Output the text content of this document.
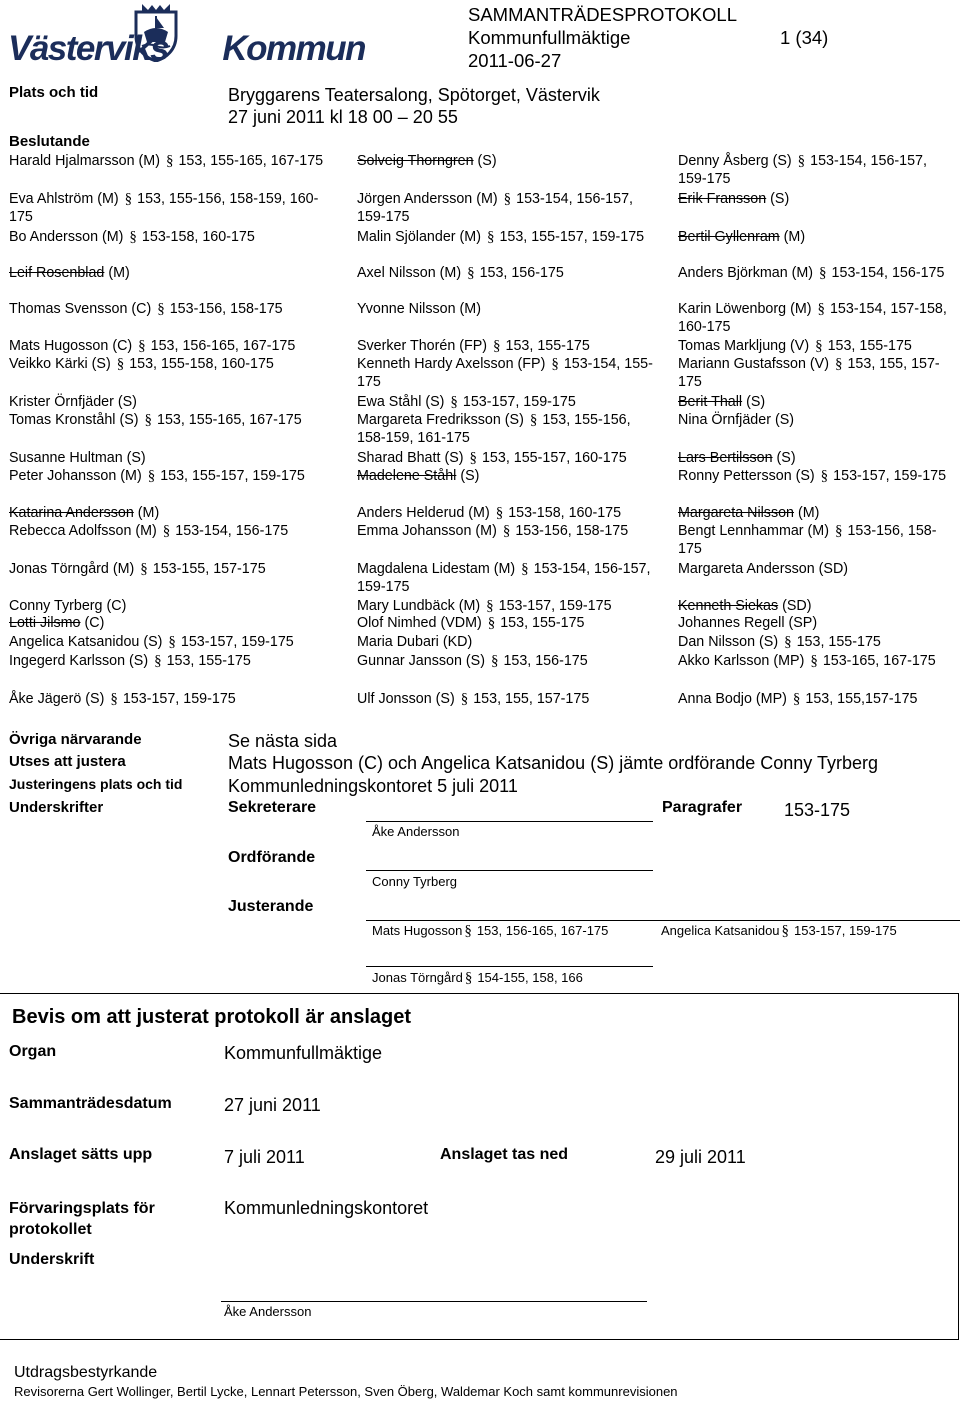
Västerviks Kommun
SAMMANTRÄDESPROTOKOLL
Kommunfullmäktige	1 (34)
2011-06-27
Plats och tid	Bryggarens Teatersalong, Spötorget, Västervik
27 juni 2011 kl 18 00 – 20 55
Beslutande
Harald Hjalmarsson (M) § 153, 155-165, 167-175
Eva Ahlström (M) § 153, 155-156, 158-159, 160-175
Bo Andersson (M) § 153-158, 160-175
Leif Rosenblad (M)
Thomas Svensson (C) § 153-156, 158-175
Mats Hugosson (C) § 153, 156-165, 167-175
Veikko Kärki (S) § 153, 155-158, 160-175
Krister Örnfjäder (S)
Tomas Kronståhl (S) § 153, 155-165, 167-175
Susanne Hultman (S)
Peter Johansson (M) § 153, 155-157, 159-175
Katarina Andersson (M)
Rebecca Adolfsson (M) § 153-154, 156-175
Jonas Törngård (M) § 153-155, 157-175
Conny Tyrberg (C)
Lotti Jilsmo (C)
Angelica Katsanidou (S) § 153-157, 159-175
Ingegerd Karlsson (S) § 153, 155-175
Åke Jägerö (S) § 153-157, 159-175
Solveig Thorngren (S)
Jörgen Andersson (M) § 153-154, 156-157, 159-175
Malin Sjölander (M) § 153, 155-157, 159-175
Axel Nilsson (M) § 153, 156-175
Yvonne Nilsson (M)
Sverker Thorén (FP) § 153, 155-175
Kenneth Hardy Axelsson (FP) § 153-154, 155-175
Ewa Ståhl (S) § 153-157, 159-175
Margareta Fredriksson (S) § 153, 155-156, 158-159, 161-175
Sharad Bhatt (S) § 153, 155-157, 160-175
Madelene Ståhl (S)
Anders Helderud (M) § 153-158, 160-175
Emma Johansson (M) § 153-156, 158-175
Magdalena Lidestam (M) § 153-154, 156-157, 159-175
Mary Lundbäck (M) § 153-157, 159-175
Olof Nimhed (VDM) § 153, 155-175
Maria Dubari (KD)
Gunnar Jansson (S) § 153, 156-175
Ulf Jonsson (S) § 153, 155, 157-175
Denny Åsberg (S) § 153-154, 156-157, 159-175
Erik Fransson (S)
Bertil Gyllenram (M)
Anders Björkman (M) § 153-154, 156-175
Karin Löwenborg (M) § 153-154, 157-158, 160-175
Tomas Markljung (V) § 153, 155-175
Mariann Gustafsson (V) § 153, 155, 157-175
Berit Thall (S)
Nina Örnfjäder (S)
Lars Bertilsson (S)
Ronny Pettersson (S) § 153-157, 159-175
Margareta Nilsson (M)
Bengt Lennhammar (M) § 153-156, 158-175
Margareta Andersson (SD)
Kenneth Siekas (SD)
Johannes Regell (SP)
Dan Nilsson (S) § 153, 155-175
Akko Karlsson (MP) § 153-165, 167-175
Anna Bodjo (MP) § 153, 155,157-175
Övriga närvarande	Se nästa sida
Utses att justera	Mats Hugosson (C) och Angelica Katsanidou (S) jämte ordförande Conny Tyrberg
Justeringens plats och tid	Kommunledningskontoret 5 juli 2011
Underskrifter	Sekreterare
Åke Andersson
Paragrafer 153-175
Ordförande
Conny Tyrberg
Justerande
Mats Hugosson § 153, 156-165, 167-175	Angelica Katsanidou § 153-157, 159-175
Jonas Törngård § 154-155, 158, 166
Bevis om att justerat protokoll är anslaget
Organ	Kommunfullmäktige
Sammanträdesdatum	27 juni 2011
Anslaget sätts upp	7 juli 2011	Anslaget tas ned	29 juli 2011
Förvaringsplats för protokollet
Kommunledningskontoret
Underskrift
Åke Andersson
Utdragsbestyrkande
Revisorerna Gert Wollinger, Bertil Lycke, Lennart Petersson, Sven Öberg, Waldemar Koch samt kommunrevisionen
